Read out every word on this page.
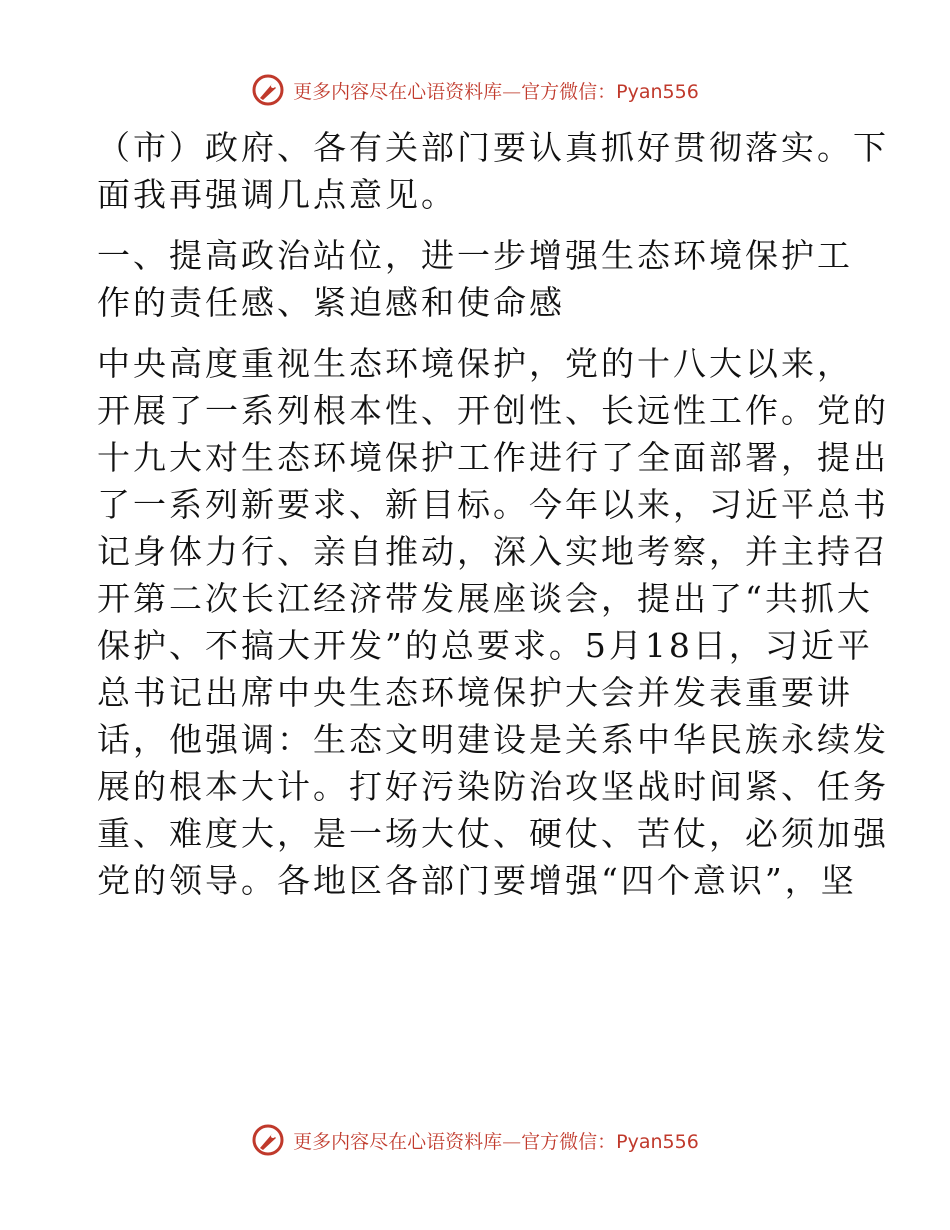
更多内容尽在心语资料库—官方微信：Pyan556
（市）政府、各有关部门要认真抓好贯彻落实。下
面我再强调几点意见。
一、提高政治站位，进一步增强生态环境保护工
作的责任感、紧迫感和使命感
中央高度重视生态环境保护，党的十八大以来，
开展了一系列根本性、开创性、长远性工作。党的
十九大对生态环境保护工作进行了全面部署，提出
了一系列新要求、新目标。今年以来，习近平总书
记身体力行、亲自推动，深入实地考察，并主持召
开第二次长江经济带发展座谈会，提出了“共抓大
保护、不搞大开发”的总要求。5月18日，习近平
总书记出席中央生态环境保护大会并发表重要讲
话，他强调：生态文明建设是关系中华民族永续发
展的根本大计。打好污染防治攻坚战时间紧、任务
重、难度大，是一场大仗、硬仗、苦仗，必须加强
党的领导。各地区各部门要增强“四个意识”，坚
更多内容尽在心语资料库—官方微信：Pyan556
